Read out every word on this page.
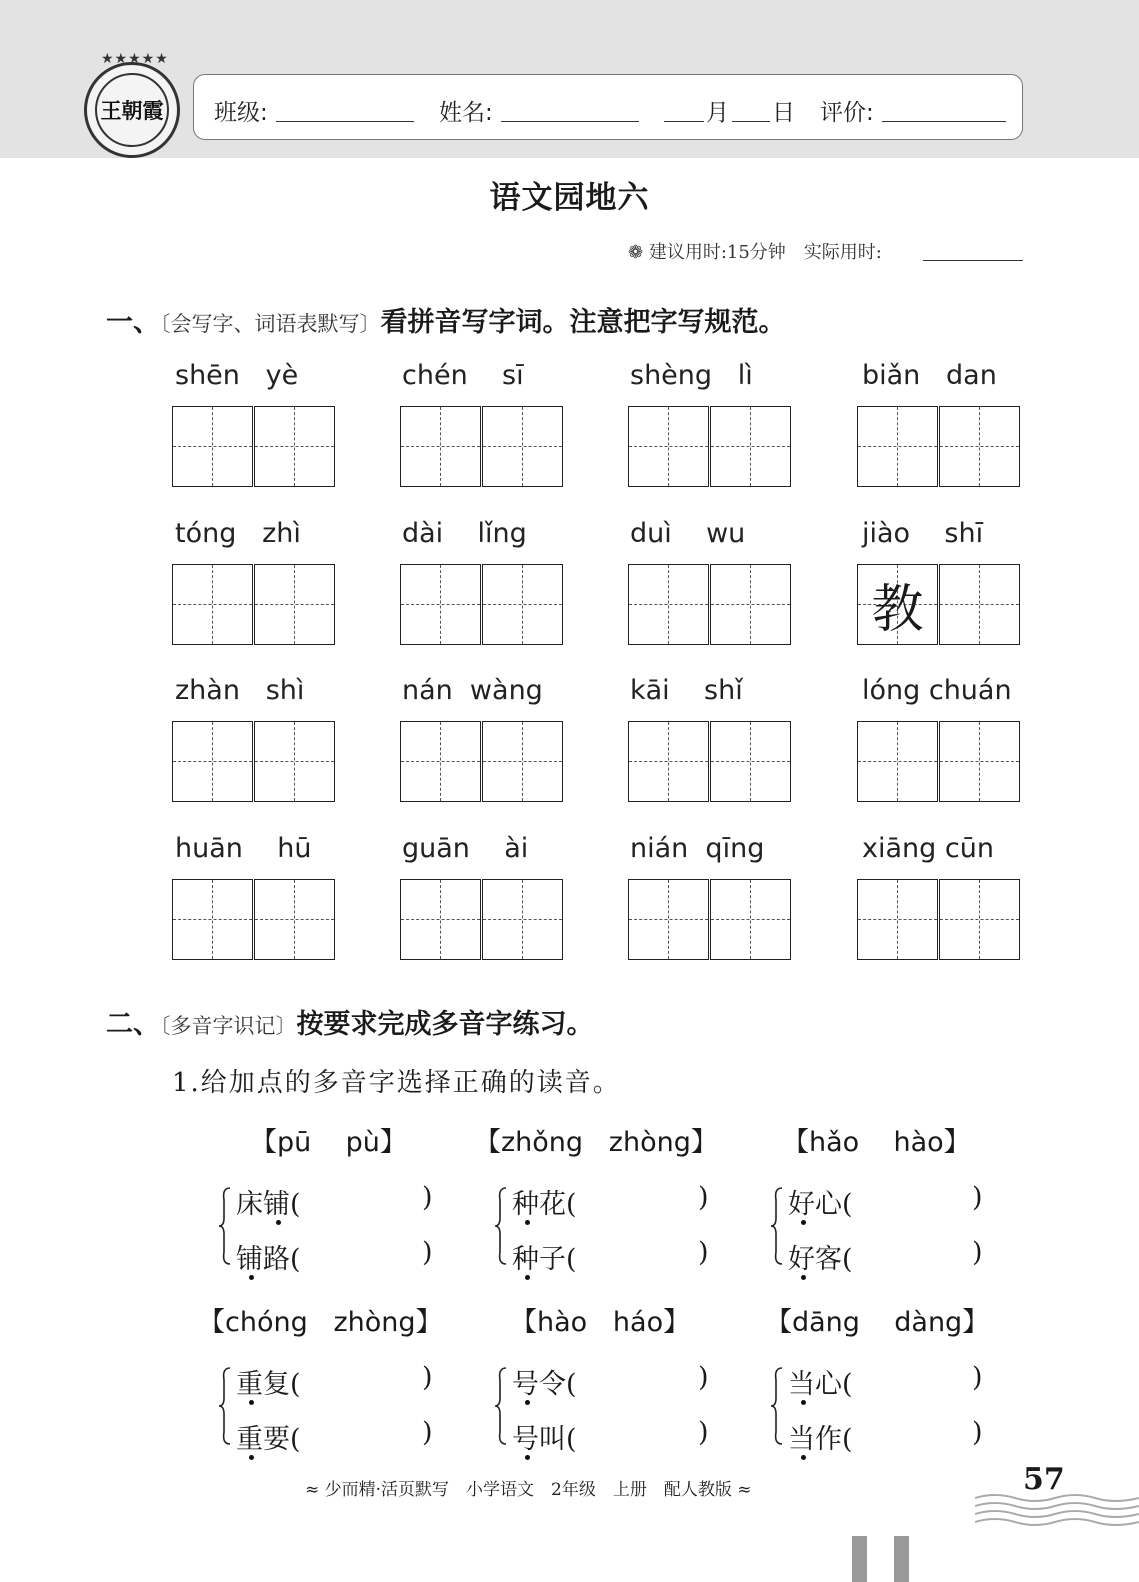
★★★★★
王朝霞 班级:	姓名:	月 日 评价:
语文园地六
❁ 建议用时:15分钟　实际用时:
一、〔会写字、词语表默写〕看拼音写字词。注意把字写规范。
shēn   yè	chén    sī	shèng   lì	biǎn   dan
tóng   zhì	dài    lǐng	duì    wu	jiào    shī
教
zhàn   shì	nán  wàng	kāi    shǐ	lóng chuán
huān    hū	guān    ài	nián  qīng	xiāng cūn
二、〔多音字识记〕按要求完成多音字练习。
1.给加点的多音字选择正确的读音。
【pū    pù】
床铺(	)
铺路(	)
【zhǒng   zhòng】
种花(	)
种子(	)
【hǎo    hào】
好心(	)
好客(	)
【chóng   zhòng】
重复(	)
重要(	)
【hào   háo】
号令(	)
号叫(	)
【dāng    dàng】
当心(	)
当作(	)
≈ 少而精·活页默写　小学语文　2年级　上册　配人教版 ≈	57
